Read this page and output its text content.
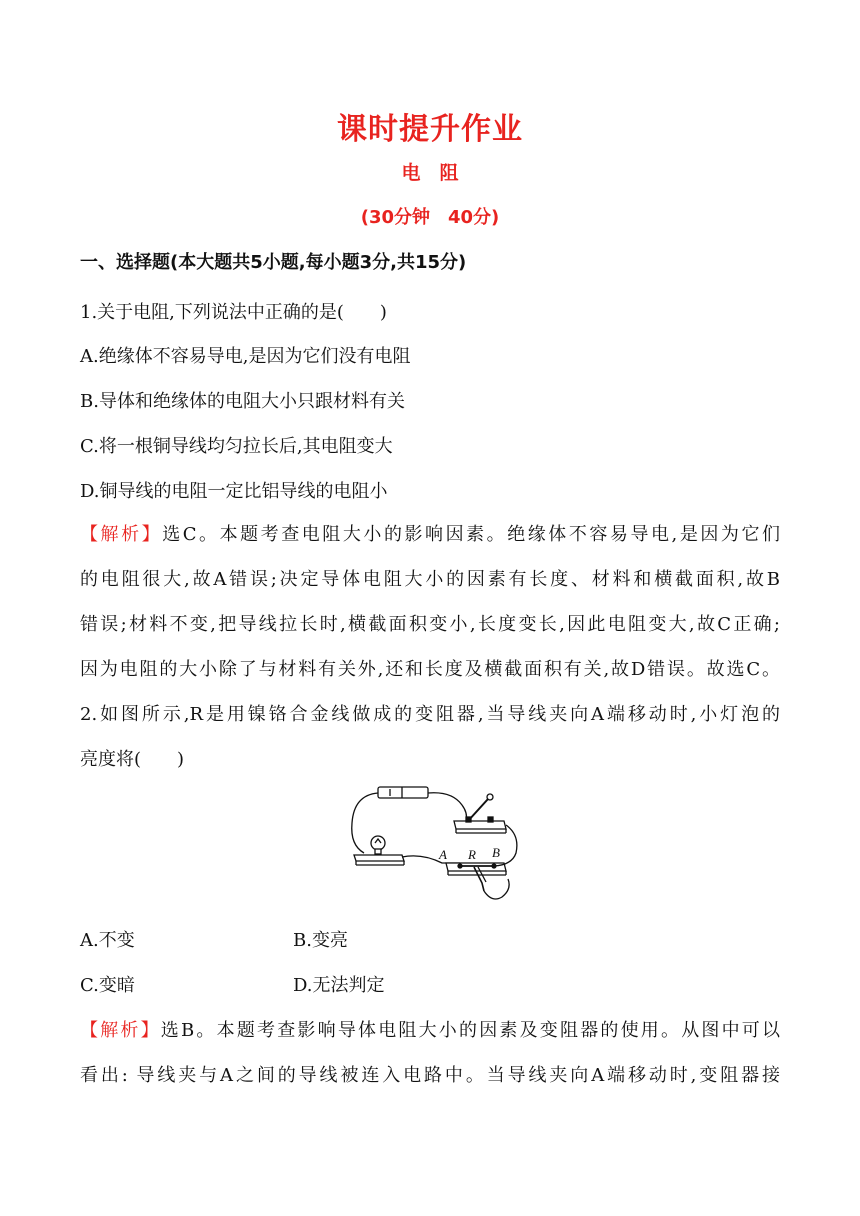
课时提升作业
电　阻
(30分钟　40分)
一、选择题(本大题共5小题,每小题3分,共15分)
1.关于电阻,下列说法中正确的是(　　)
A.绝缘体不容易导电,是因为它们没有电阻
B.导体和绝缘体的电阻大小只跟材料有关
C.将一根铜导线均匀拉长后,其电阻变大
D.铜导线的电阻一定比铝导线的电阻小
【解析】选C。本题考查电阻大小的影响因素。绝缘体不容易导电,是因为它们
的电阻很大,故A错误;决定导体电阻大小的因素有长度、材料和横截面积,故B
错误;材料不变,把导线拉长时,横截面积变小,长度变长,因此电阻变大,故C正确;
因为电阻的大小除了与材料有关外,还和长度及横截面积有关,故D错误。故选C。
2.如图所示,R是用镍铬合金线做成的变阻器,当导线夹向A端移动时,小灯泡的
亮度将(　　)
A R B
A.不变	B.变亮
C.变暗	D.无法判定
【解析】选B。本题考查影响导体电阻大小的因素及变阻器的使用。从图中可以
看出: 导线夹与A之间的导线被连入电路中。当导线夹向A端移动时,变阻器接
